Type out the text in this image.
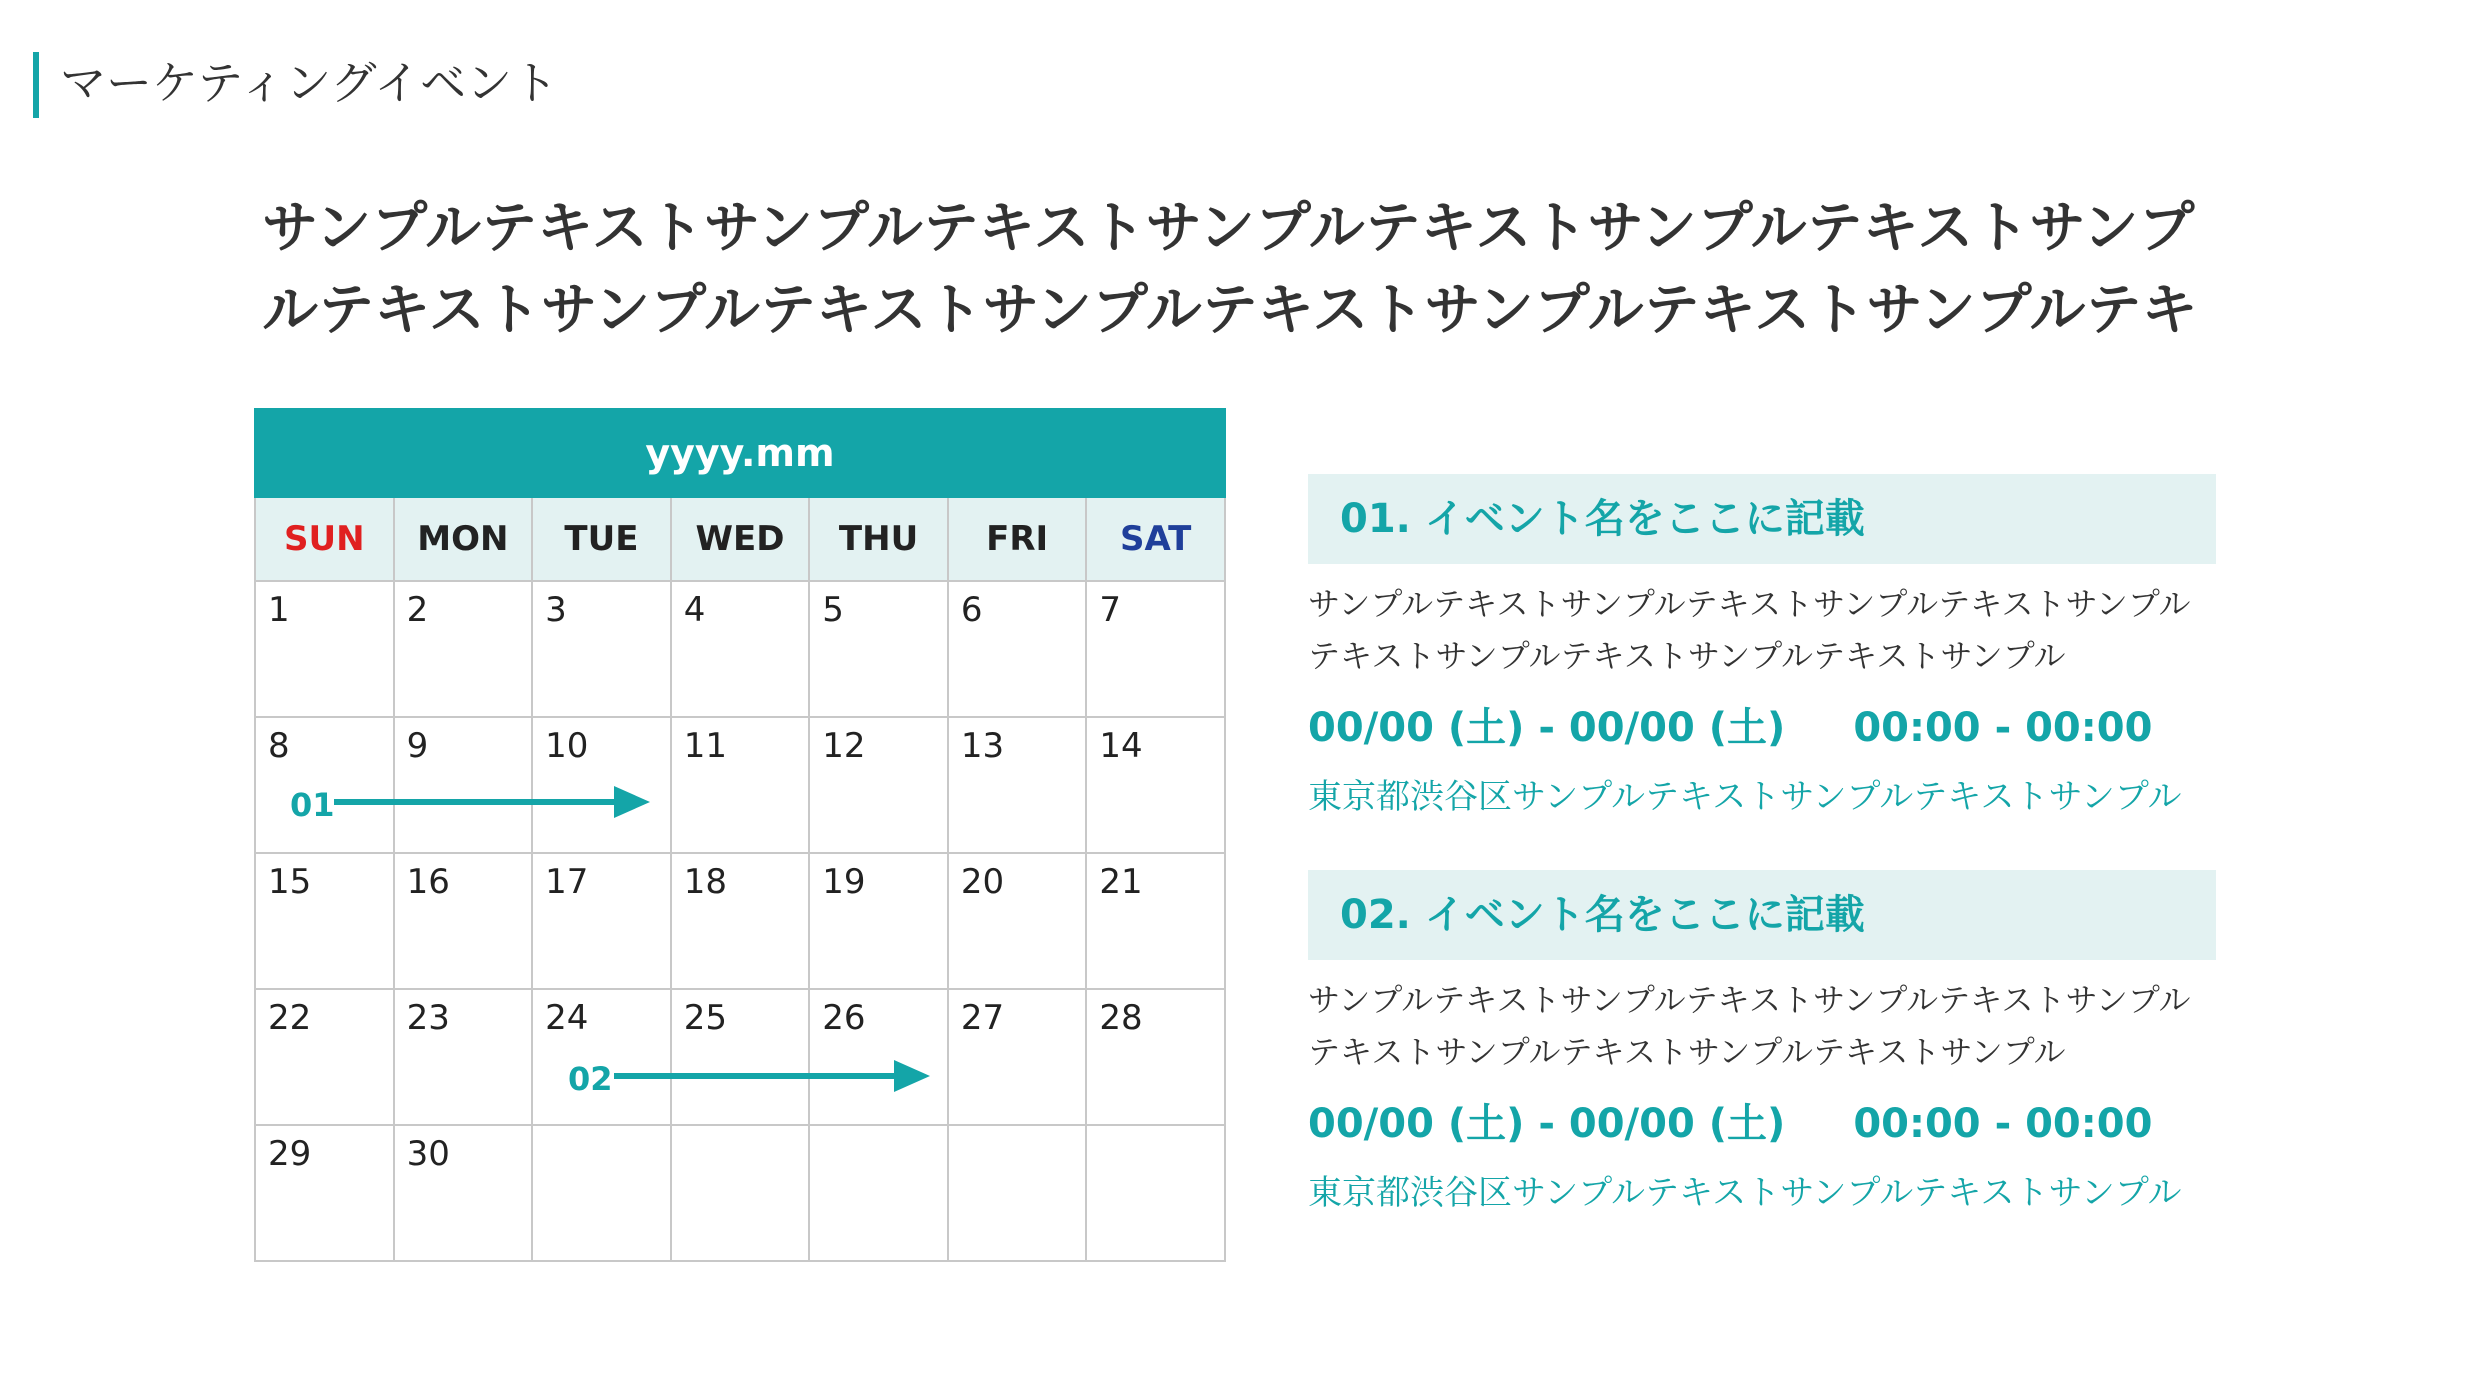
マーケティングイベント
サンプルテキストサンプルテキストサンプルテキストサンプルテキストサンプルテキストサンプルテキストサンプルテキストサンプルテキストサンプルテキ
yyyy.mm
SUN	MON	TUE	WED	THU	FRI	SAT
1	2	3	4	5	6	7
8	9	10	11	12	13	14
15	16	17	18	19	20	21
22	23	24	25	26	27	28
29	30
01
02
01. イベント名をここに記載
サンプルテキストサンプルテキストサンプルテキストサンプルテキストサンプルテキストサンプルテキストサンプル
00/00 (土) ‐ 00/00 (土) 00:00 ‐ 00:00
東京都渋谷区サンプルテキストサンプルテキストサンプル
02. イベント名をここに記載
サンプルテキストサンプルテキストサンプルテキストサンプルテキストサンプルテキストサンプルテキストサンプル
00/00 (土) ‐ 00/00 (土) 00:00 ‐ 00:00
東京都渋谷区サンプルテキストサンプルテキストサンプル
